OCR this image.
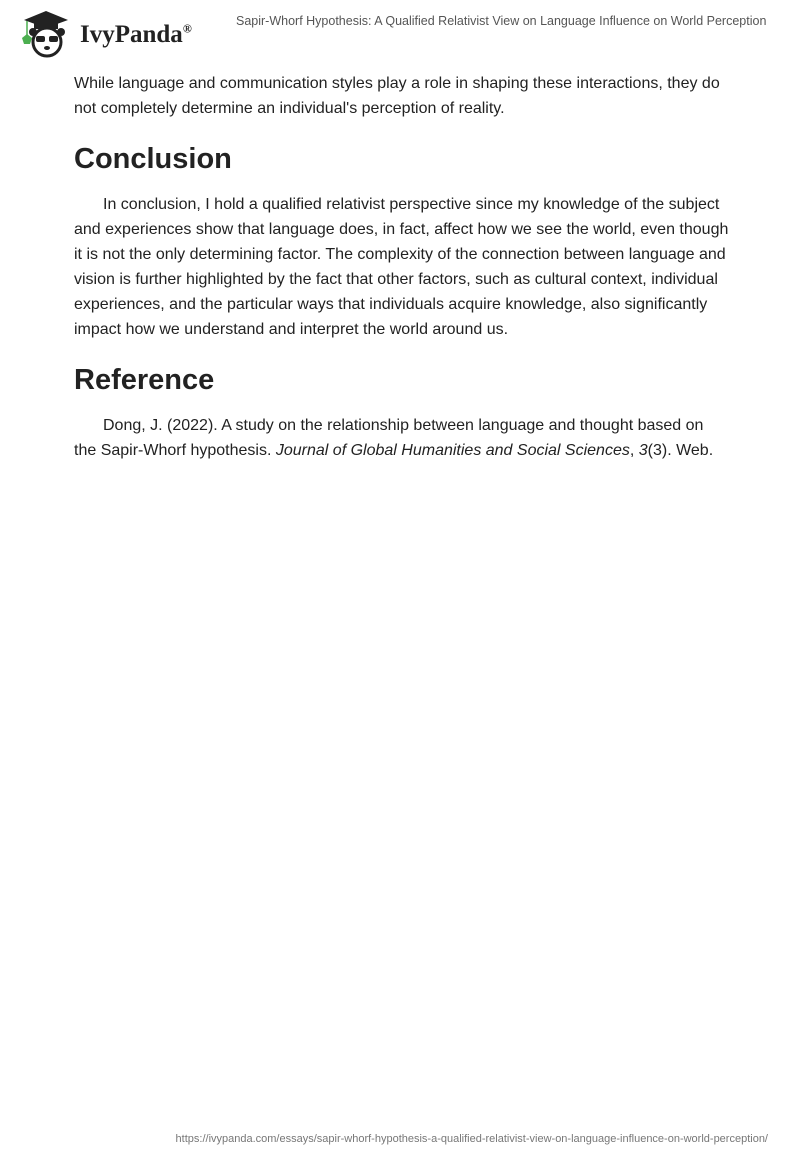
IvyPanda®
Sapir-Whorf Hypothesis: A Qualified Relativist View on Language Influence on World Perception

While language and communication styles play a role in shaping these interactions, they do not completely determine an individual's perception of reality.

Conclusion

In conclusion, I hold a qualified relativist perspective since my knowledge of the subject and experiences show that language does, in fact, affect how we see the world, even though it is not the only determining factor. The complexity of the connection between language and vision is further highlighted by the fact that other factors, such as cultural context, individual experiences, and the particular ways that individuals acquire knowledge, also significantly impact how we understand and interpret the world around us.

Reference

Dong, J. (2022). A study on the relationship between language and thought based on the Sapir-Whorf hypothesis. Journal of Global Humanities and Social Sciences, 3(3). Web.

https://ivypanda.com/essays/sapir-whorf-hypothesis-a-qualified-relativist-view-on-language-influence-on-world-perception/
